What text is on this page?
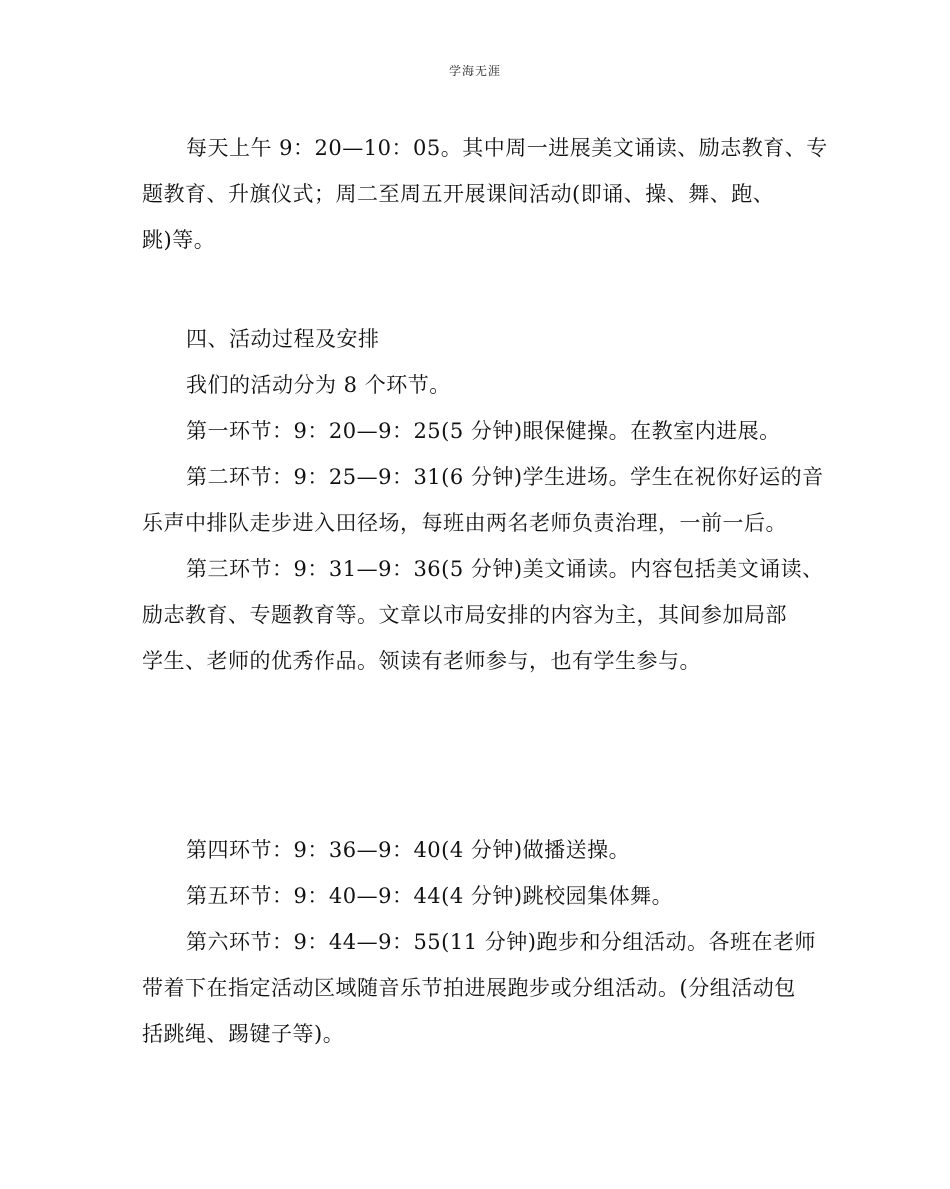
学海无涯
每天上午 9：20—10：05。其中周一进展美文诵读、励志教育、专
题教育、升旗仪式；周二至周五开展课间活动(即诵、操、舞、跑、
跳)等。
四、活动过程及安排
我们的活动分为 8 个环节。
第一环节：9：20—9：25(5 分钟)眼保健操。在教室内进展。
第二环节：9：25—9：31(6 分钟)学生进场。学生在祝你好运的音
乐声中排队走步进入田径场，每班由两名老师负责治理，一前一后。
第三环节：9：31—9：36(5 分钟)美文诵读。内容包括美文诵读、
励志教育、专题教育等。文章以市局安排的内容为主，其间参加局部
学生、老师的优秀作品。领读有老师参与，也有学生参与。
第四环节：9：36—9：40(4 分钟)做播送操。
第五环节：9：40—9：44(4 分钟)跳校园集体舞。
第六环节：9：44—9：55(11 分钟)跑步和分组活动。各班在老师
带着下在指定活动区域随音乐节拍进展跑步或分组活动。(分组活动包
括跳绳、踢键子等)。
